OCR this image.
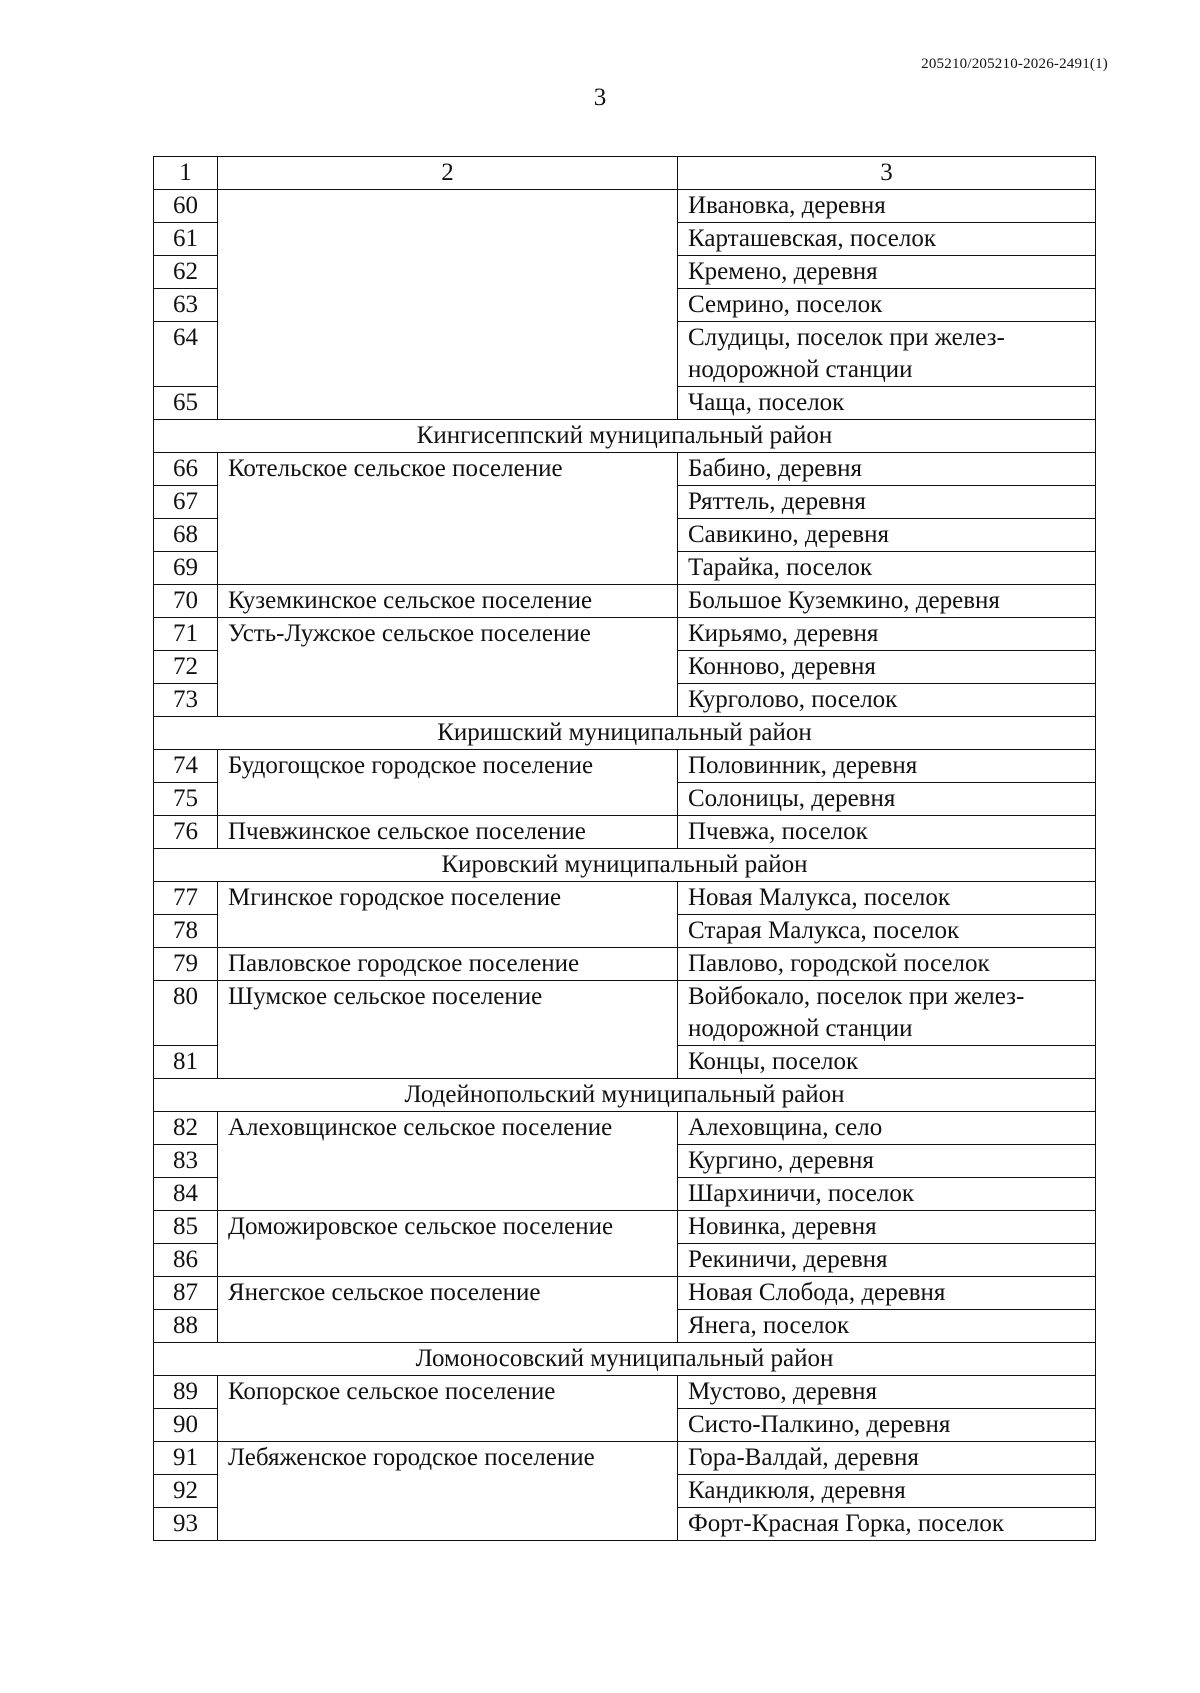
205210/205210-2026-2491(1)
3
1	2	3
60		Ивановка, деревня
61		Карташевская, поселок
62		Кремено, деревня
63		Семрино, поселок
64		Слудицы, поселок при желез-нодорожной станции
65		Чаща, поселок
Кингисеппский муниципальный район		
66	Котельское сельское поселение	Бабино, деревня
67		Ряттель, деревня
68		Савикино, деревня
69		Тарайка, поселок
70	Куземкинское сельское поселение	Большое Куземкино, деревня
71	Усть-Лужское сельское поселение	Кирьямо, деревня
72		Конново, деревня
73		Курголово, поселок
Киришский муниципальный район		
74	Будогощское городское поселение	Половинник, деревня
75		Солоницы, деревня
76	Пчевжинское сельское поселение	Пчевжа, поселок
Кировский муниципальный район		
77	Мгинское городское поселение	Новая Малукса, поселок
78		Старая Малукса, поселок
79	Павловское городское поселение	Павлово, городской поселок
80	Шумское сельское поселение	Войбокало, поселок при желез-нодорожной станции
81		Концы, поселок
Лодейнопольский муниципальный район		
82	Алеховщинское сельское поселение	Алеховщина, село
83		Кургино, деревня
84		Шархиничи, поселок
85	Доможировское сельское поселение	Новинка, деревня
86		Рекиничи, деревня
87	Янегское сельское поселение	Новая Слобода, деревня
88		Янега, поселок
Ломоносовский муниципальный район		
89	Копорское сельское поселение	Мустово, деревня
90		Систо-Палкино, деревня
91	Лебяженское городское поселение	Гора-Валдай, деревня
92		Кандикюля, деревня
93		Форт-Красная Горка, поселок
